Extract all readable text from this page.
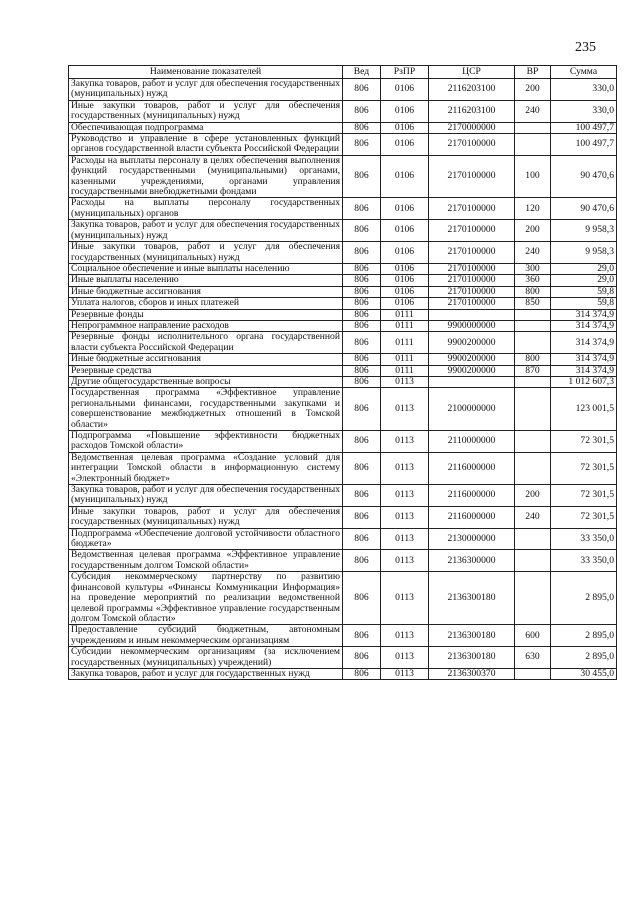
235
Наименование показателей	Вед	РзПР	ЦСР	ВР	Сумма
Закупка товаров, работ и услуг для обеспечения государственных (муниципальных) нужд	806	0106	2116203100	200	330,0
Иные закупки товаров, работ и услуг для обеспечения государственных (муниципальных) нужд	806	0106	2116203100	240	330,0
Обеспечивающая подпрограмма	806	0106	2170000000		100 497,7
Руководство и управление в сфере установленных функций органов государственной власти субъекта Российской Федерации	806	0106	2170100000		100 497,7
Расходы на выплаты персоналу в целях обеспечения выполнения функций государственными (муниципальными) органами, казенными учреждениями, органами управления государственными внебюджетными фондами	806	0106	2170100000	100	90 470,6
Расходы на выплаты персоналу государственных (муниципальных) органов	806	0106	2170100000	120	90 470,6
Закупка товаров, работ и услуг для обеспечения государственных (муниципальных) нужд	806	0106	2170100000	200	9 958,3
Иные закупки товаров, работ и услуг для обеспечения государственных (муниципальных) нужд	806	0106	2170100000	240	9 958,3
Социальное обеспечение и иные выплаты населению	806	0106	2170100000	300	29,0
Иные выплаты населению	806	0106	2170100000	360	29,0
Иные бюджетные ассигнования	806	0106	2170100000	800	59,8
Уплата налогов, сборов и иных платежей	806	0106	2170100000	850	59,8
Резервные фонды	806	0111			314 374,9
Непрограммное направление расходов	806	0111	9900000000		314 374,9
Резервные фонды исполнительного органа государственной власти субъекта Российской Федерации	806	0111	9900200000		314 374,9
Иные бюджетные ассигнования	806	0111	9900200000	800	314 374,9
Резервные средства	806	0111	9900200000	870	314 374,9
Другие общегосударственные вопросы	806	0113			1 012 607,3
Государственная программа «Эффективное управление региональными финансами, государственными закупками и совершенствование межбюджетных отношений в Томской области»	806	0113	2100000000		123 001,5
Подпрограмма «Повышение эффективности бюджетных расходов Томской области»	806	0113	2110000000		72 301,5
Ведомственная целевая программа «Создание условий для интеграции Томской области в информационную систему «Электронный бюджет»	806	0113	2116000000		72 301,5
Закупка товаров, работ и услуг для обеспечения государственных (муниципальных) нужд	806	0113	2116000000	200	72 301,5
Иные закупки товаров, работ и услуг для обеспечения государственных (муниципальных) нужд	806	0113	2116000000	240	72 301,5
Подпрограмма «Обеспечение долговой устойчивости областного бюджета»	806	0113	2130000000		33 350,0
Ведомственная целевая программа «Эффективное управление государственным долгом Томской области»	806	0113	2136300000		33 350,0
Субсидия некоммерческому партнерству по развитию финансовой культуры «Финансы Коммуникации Информация» на проведение мероприятий по реализации ведомственной целевой программы «Эффективное управление государственным долгом Томской области»	806	0113	2136300180		2 895,0
Предоставление субсидий бюджетным, автономным учреждениям и иным некоммерческим организациям	806	0113	2136300180	600	2 895,0
Субсидии некоммерческим организациям (за исключением государственных (муниципальных) учреждений)	806	0113	2136300180	630	2 895,0
Закупка товаров, работ и услуг для государственных нужд	806	0113	2136300370		30 455,0
